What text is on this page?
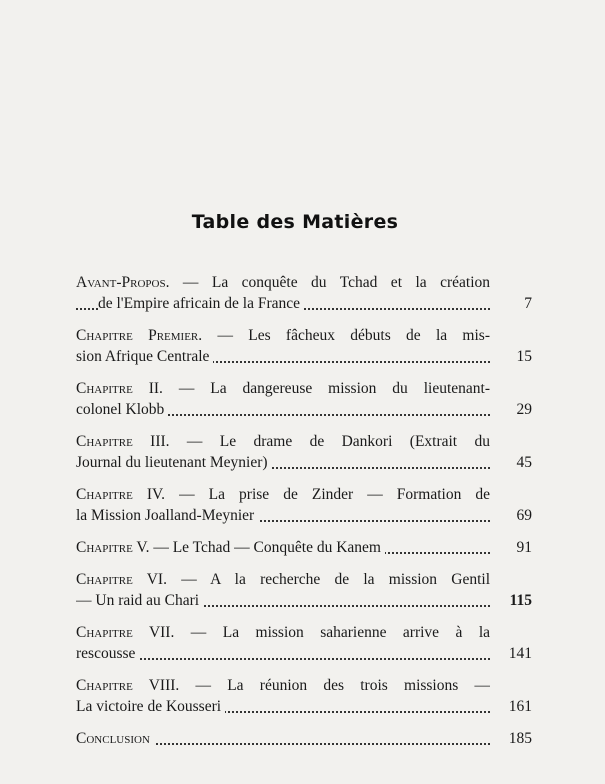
Table des Matières
Avant-Propos. — La conquête du Tchad et la création
de l'Empire africain de la France	7
Chapitre Premier. — Les fâcheux débuts de la mis-
sion Afrique Centrale	15
Chapitre II. — La dangereuse mission du lieutenant-
colonel Klobb	29
Chapitre III. — Le drame de Dankori (Extrait du
Journal du lieutenant Meynier)	45
Chapitre IV. — La prise de Zinder — Formation de
la Mission Joalland-Meynier	69
Chapitre V. — Le Tchad — Conquête du Kanem	91
Chapitre VI. — A la recherche de la mission Gentil
— Un raid au Chari	115
Chapitre VII. — La mission saharienne arrive à la
rescousse	141
Chapitre VIII. — La réunion des trois missions —
La victoire de Kousseri	161
Conclusion	185
